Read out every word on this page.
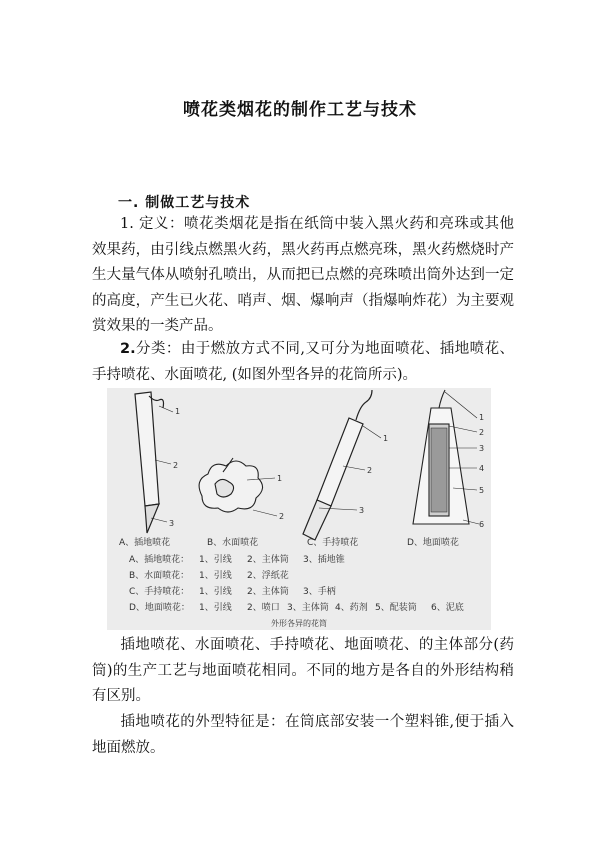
喷花类烟花的制作工艺与技术
一. 制做工艺与技术
1. 定义：喷花类烟花是指在纸筒中装入黑火药和亮珠或其他效果药，由引线点燃黑火药，黑火药再点燃亮珠，黑火药燃烧时产生大量气体从喷射孔喷出，从而把已点燃的亮珠喷出筒外达到一定的高度，产生已火花、哨声、烟、爆响声（指爆响炸花）为主要观赏效果的一类产品。
2.分类：由于燃放方式不同,又可分为地面喷花、插地喷花、手持喷花、水面喷花, (如图外型各异的花筒所示)。
1
2
3
1
2
1
2
3
1
2
3
4
5
6
A、插地喷花	B、水面喷花	C、手持喷花	D、地面喷花
A、插地喷花： 1、引线 2、主体筒 3、插地锥
B、水面喷花： 1、引线 2、浮纸花
C、手持喷花： 1、引线 2、主体筒 3、手柄
D、地面喷花： 1、引线 2、喷口 3、主体筒 4、药剂 5、配装筒 6、泥底
外形各异的花筒
插地喷花、水面喷花、手持喷花、地面喷花、的主体部分(药筒)的生产工艺与地面喷花相同。不同的地方是各自的外形结构稍有区别。
插地喷花的外型特征是：在筒底部安装一个塑料锥,便于插入地面燃放。
